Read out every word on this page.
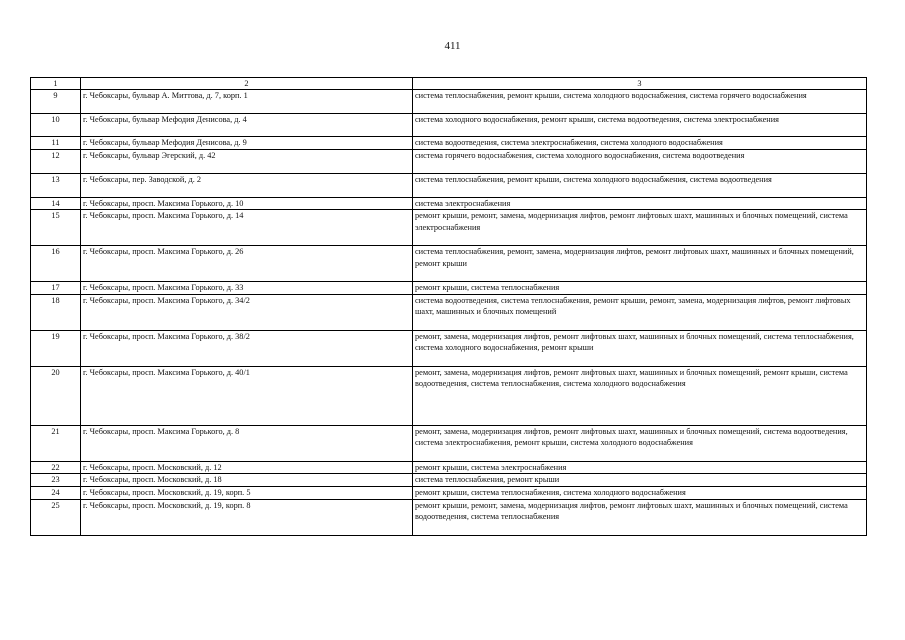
411
1	2	3
9	г. Чебоксары, бульвар А. Миттова, д. 7, корп. 1	система теплоснабжения, ремонт крыши, система холодного водоснабжения, система горячего водоснабжения
10	г. Чебоксары, бульвар Мефодия Денисова, д. 4	система холодного водоснабжения, ремонт крыши, система водоотведения, система электроснабжения
11	г. Чебоксары, бульвар Мефодия Денисова, д. 9	система водоотведения, система электроснабжения, система холодного водоснабжения
12	г. Чебоксары, бульвар Эгерский, д. 42	система горячего водоснабжения, система холодного водоснабжения, система водоотведения
13	г. Чебоксары, пер. Заводской, д. 2	система теплоснабжения, ремонт крыши, система холодного водоснабжения, система водоотведения
14	г. Чебоксары, просп. Максима Горького, д. 10	система электроснабжения
15	г. Чебоксары, просп. Максима Горького, д. 14	ремонт крыши, ремонт, замена, модернизация лифтов, ремонт лифтовых шахт, машинных и блочных помещений, система электроснабжения
16	г. Чебоксары, просп. Максима Горького, д. 26	система теплоснабжения, ремонт, замена, модернизация лифтов, ремонт лифтовых шахт, машинных и блочных помещений, ремонт крыши
17	г. Чебоксары, просп. Максима Горького, д. 33	ремонт крыши, система теплоснабжения
18	г. Чебоксары, просп. Максима Горького, д. 34/2	система водоотведения, система теплоснабжения, ремонт крыши, ремонт, замена, модернизация лифтов, ремонт лифтовых шахт, машинных и блочных помещений
19	г. Чебоксары, просп. Максима Горького, д. 38/2	ремонт, замена, модернизация лифтов, ремонт лифтовых шахт, машинных и блочных помещений, система теплоснабжения, система холодного водоснабжения, ремонт крыши
20	г. Чебоксары, просп. Максима Горького, д. 40/1	ремонт, замена, модернизация лифтов, ремонт лифтовых шахт, машинных и блочных помещений, ремонт крыши, система водоотведения, система теплоснабжения, система холодного водоснабжения
21	г. Чебоксары, просп. Максима Горького, д. 8	ремонт, замена, модернизация лифтов, ремонт лифтовых шахт, машинных и блочных помещений, система водоотведения, система электроснабжения, ремонт крыши, система холодного водоснабжения
22	г. Чебоксары, просп. Московский, д. 12	ремонт крыши, система электроснабжения
23	г. Чебоксары, просп. Московский, д. 18	система теплоснабжения, ремонт крыши
24	г. Чебоксары, просп. Московский, д. 19, корп. 5	ремонт крыши, система теплоснабжения, система холодного водоснабжения
25	г. Чебоксары, просп. Московский, д. 19, корп. 8	ремонт крыши, ремонт, замена, модернизация лифтов, ремонт лифтовых шахт, машинных и блочных помещений, система водоотведения, система теплоснабжения
